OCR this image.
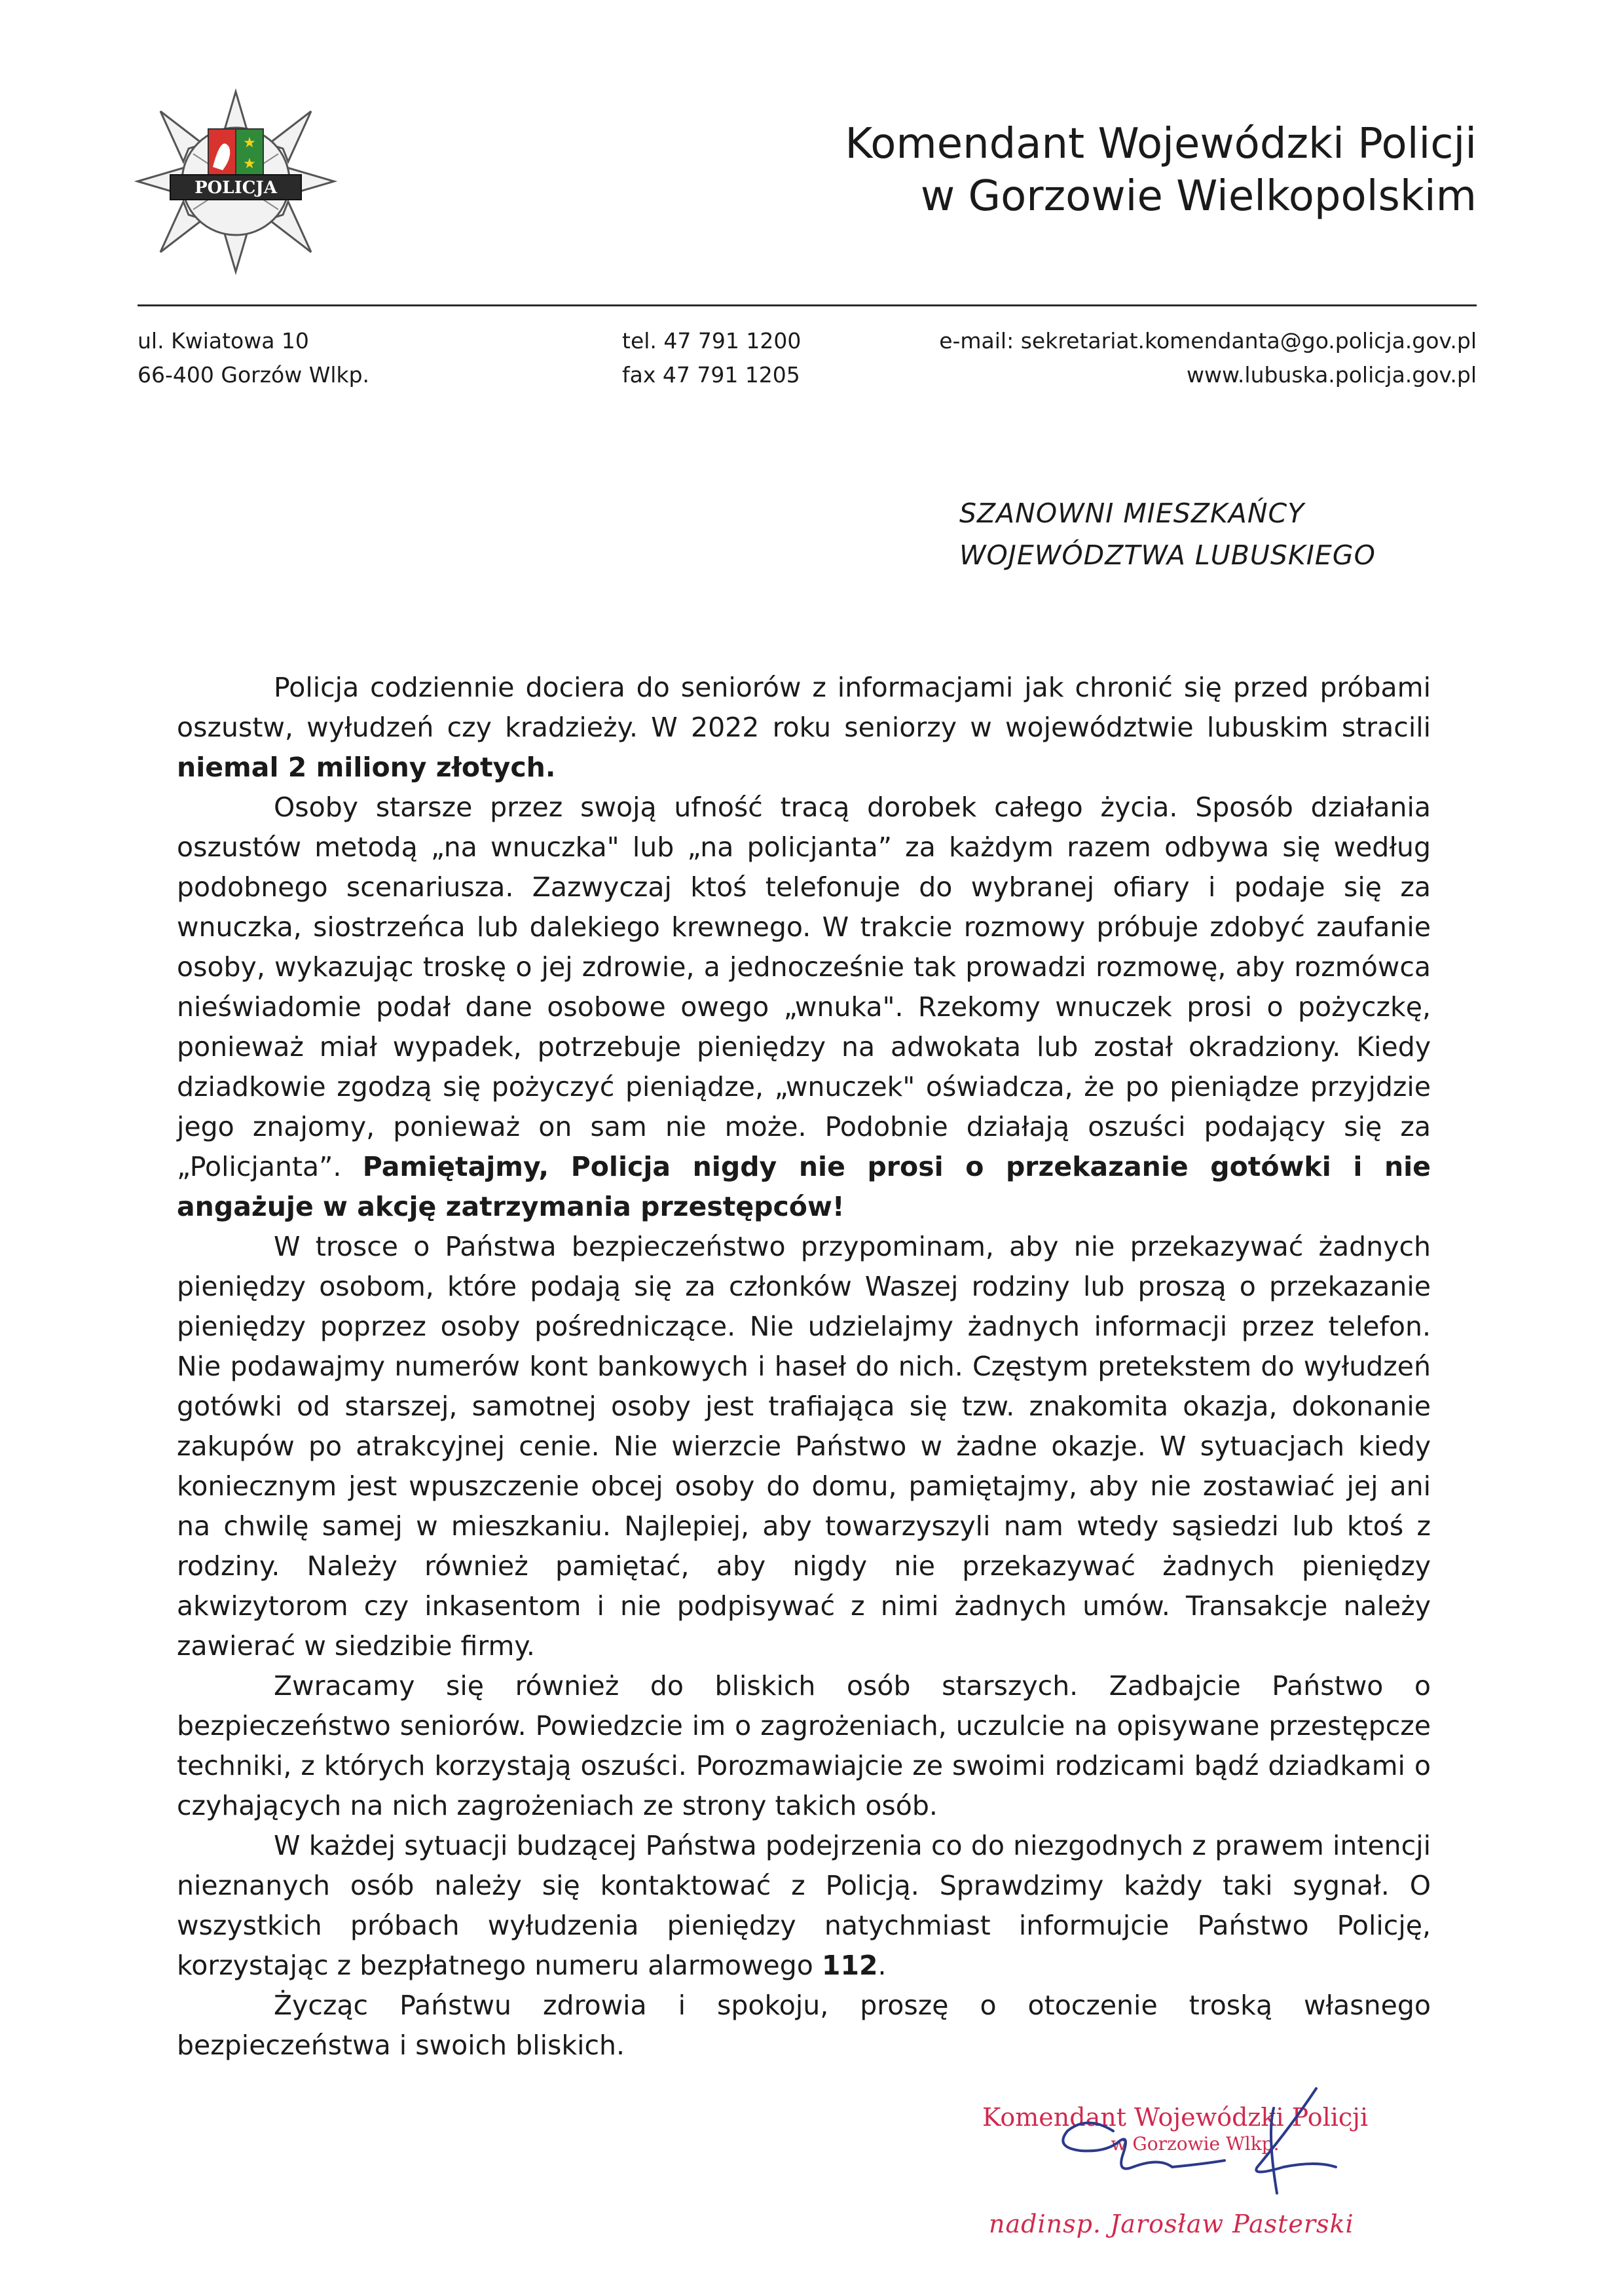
★
★
POLICJA
Komendant Wojewódzki Policji
w Gorzowie Wielkopolskim
ul. Kwiatowa 10
66-400 Gorzów Wlkp.
tel. 47 791 1200
fax 47 791 1205
e-mail: sekretariat.komendanta@go.policja.gov.pl
www.lubuska.policja.gov.pl
SZANOWNI MIESZKAŃCY
WOJEWÓDZTWA LUBUSKIEGO

Policja codziennie dociera do seniorów z informacjami jak chronić się przed próbami oszustw, wyłudzeń czy kradzieży. W 2022 roku seniorzy w województwie lubuskim stracili niemal 2 miliony złotych.

Osoby starsze przez swoją ufność tracą dorobek całego życia. Sposób działania oszustów metodą „na wnuczka" lub „na policjanta” za każdym razem odbywa się według podobnego scenariusza. Zazwyczaj ktoś telefonuje do wybranej ofiary i podaje się za wnuczka, siostrzeńca lub dalekiego krewnego. W trakcie rozmowy próbuje zdobyć zaufanie osoby, wykazując troskę o jej zdrowie, a jednocześnie tak prowadzi rozmowę, aby rozmówca nieświadomie podał dane osobowe owego „wnuka". Rzekomy wnuczek prosi o pożyczkę, ponieważ miał wypadek, potrzebuje pieniędzy na adwokata lub został okradziony. Kiedy dziadkowie zgodzą się pożyczyć pieniądze, „wnuczek" oświadcza, że po pieniądze przyjdzie jego znajomy, ponieważ on sam nie może. Podobnie działają oszuści podający się za „Policjanta”. Pamiętajmy, Policja nigdy nie prosi o przekazanie gotówki i nie angażuje w akcję zatrzymania przestępców!

W trosce o Państwa bezpieczeństwo przypominam, aby nie przekazywać żadnych pieniędzy osobom, które podają się za członków Waszej rodziny lub proszą o przekazanie pieniędzy poprzez osoby pośredniczące. Nie udzielajmy żadnych informacji przez telefon. Nie podawajmy numerów kont bankowych i haseł do nich. Częstym pretekstem do wyłudzeń gotówki od starszej, samotnej osoby jest trafiająca się tzw. znakomita okazja, dokonanie zakupów po atrakcyjnej cenie. Nie wierzcie Państwo w żadne okazje. W sytuacjach kiedy koniecznym jest wpuszczenie obcej osoby do domu, pamiętajmy, aby nie zostawiać jej ani na chwilę samej w mieszkaniu. Najlepiej, aby towarzyszyli nam wtedy sąsiedzi lub ktoś z rodziny. Należy również pamiętać, aby nigdy nie przekazywać żadnych pieniędzy akwizytorom czy inkasentom i nie podpisywać z nimi żadnych umów. Transakcje należy zawierać w siedzibie firmy.

Zwracamy się również do bliskich osób starszych. Zadbajcie Państwo o bezpieczeństwo seniorów. Powiedzcie im o zagrożeniach, uczulcie na opisywane przestępcze techniki, z których korzystają oszuści. Porozmawiajcie ze swoimi rodzicami bądź dziadkami o czyhających na nich zagrożeniach ze strony takich osób.

W każdej sytuacji budzącej Państwa podejrzenia co do niezgodnych z prawem intencji nieznanych osób należy się kontaktować z Policją. Sprawdzimy każdy taki sygnał. O wszystkich próbach wyłudzenia pieniędzy natychmiast informujcie Państwo Policję, korzystając z bezpłatnego numeru alarmowego 112.

Życząc Państwu zdrowia i spokoju, proszę o otoczenie troską własnego bezpieczeństwa i swoich bliskich.

Komendant Wojewódzki Policji
w Gorzowie Wlkp.
nadinsp. Jarosław Pasterski
